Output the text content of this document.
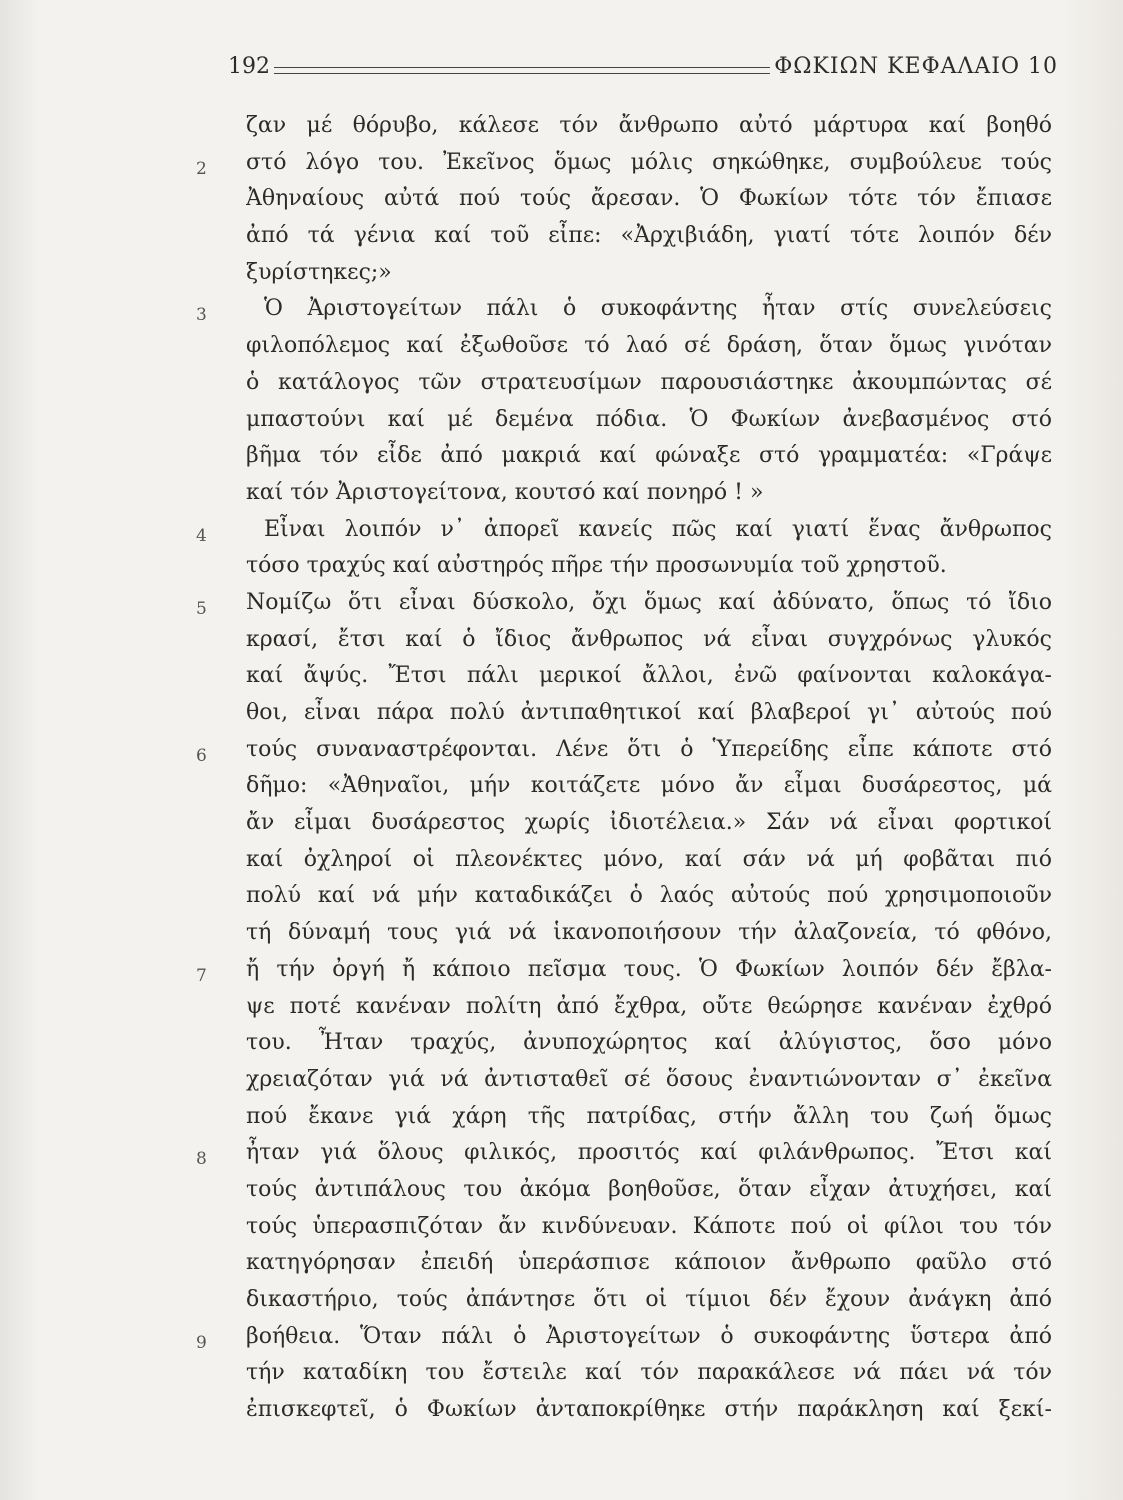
192	ΦΩΚΙΩΝ ΚΕΦΑΛΑΙΟ 10
ζαν μέ θόρυβο, κάλεσε τόν ἄνθρωπο αὐτό μάρτυρα καί βοηθό
2	στό λόγο του. Ἐκεῖνος ὅμως μόλις σηκώθηκε, συμβούλευε τούς
Ἀθηναίους αὐτά πού τούς ἄρεσαν. Ὁ Φωκίων τότε τόν ἔπιασε
ἀπό τά γένια καί τοῦ εἶπε: «Ἀρχιβιάδη, γιατί τότε λοιπόν δέν
ξυρίστηκες;»
3	Ὁ Ἀριστογείτων πάλι ὁ συκοφάντης ἦταν στίς συνελεύσεις
φιλοπόλεμος καί ἐξωθοῦσε τό λαό σέ δράση, ὅταν ὅμως γινόταν
ὁ κατάλογος τῶν στρατευσίμων παρουσιάστηκε ἀκουμπώντας σέ
μπαστούνι καί μέ δεμένα πόδια. Ὁ Φωκίων ἀνεβασμένος στό
βῆμα τόν εἶδε ἀπό μακριά καί φώναξε στό γραμματέα: «Γράψε
καί τόν Ἀριστογείτονα, κουτσό καί πονηρό ! »
4	Εἶναι λοιπόν ν᾽ ἀπορεῖ κανείς πῶς καί γιατί ἕνας ἄνθρωπος
τόσο τραχύς καί αὐστηρός πῆρε τήν προσωνυμία τοῦ χρηστοῦ.
5	Νομίζω ὅτι εἶναι δύσκολο, ὄχι ὅμως καί ἀδύνατο, ὅπως τό ἴδιο
κρασί, ἔτσι καί ὁ ἴδιος ἄνθρωπος νά εἶναι συγχρόνως γλυκός
καί ἄψύς. Ἔτσι πάλι μερικοί ἄλλοι, ἐνῶ φαίνονται καλοκάγα-
θοι, εἶναι πάρα πολύ ἀντιπαθητικοί καί βλαβεροί γι᾽ αὐτούς πού
6	τούς συναναστρέφονται. Λένε ὅτι ὁ Ὑπερείδης εἶπε κάποτε στό
δῆμο: «Ἀθηναῖοι, μήν κοιτάζετε μόνο ἄν εἶμαι δυσάρεστος, μά
ἄν εἶμαι δυσάρεστος χωρίς ἰδιοτέλεια.» Σάν νά εἶναι φορτικοί
καί ὀχληροί οἱ πλεονέκτες μόνο, καί σάν νά μή φοβᾶται πιό
πολύ καί νά μήν καταδικάζει ὁ λαός αὐτούς πού χρησιμοποιοῦν
τή δύναμή τους γιά νά ἱκανοποιήσουν τήν ἀλαζονεία, τό φθόνο,
7	ἤ τήν ὀργή ἤ κάποιο πεῖσμα τους. Ὁ Φωκίων λοιπόν δέν ἔβλα-
ψε ποτέ κανέναν πολίτη ἀπό ἔχθρα, οὔτε θεώρησε κανέναν ἐχθρό
του. Ἦταν τραχύς, ἀνυποχώρητος καί ἀλύγιστος, ὅσο μόνο
χρειαζόταν γιά νά ἀντισταθεῖ σέ ὅσους ἐναντιώνονταν σ᾽ ἐκεῖνα
πού ἔκανε γιά χάρη τῆς πατρίδας, στήν ἄλλη του ζωή ὅμως
8	ἦταν γιά ὅλους φιλικός, προσιτός καί φιλάνθρωπος. Ἔτσι καί
τούς ἀντιπάλους του ἀκόμα βοηθοῦσε, ὅταν εἶχαν ἀτυχήσει, καί
τούς ὑπερασπιζόταν ἄν κινδύνευαν. Κάποτε πού οἱ φίλοι του τόν
κατηγόρησαν ἐπειδή ὑπεράσπισε κάποιον ἄνθρωπο φαῦλο στό
δικαστήριο, τούς ἀπάντησε ὅτι οἱ τίμιοι δέν ἔχουν ἀνάγκη ἀπό
9	βοήθεια. Ὅταν πάλι ὁ Ἀριστογείτων ὁ συκοφάντης ὕστερα ἀπό
τήν καταδίκη του ἔστειλε καί τόν παρακάλεσε νά πάει νά τόν
ἐπισκεφτεῖ, ὁ Φωκίων ἀνταποκρίθηκε στήν παράκληση καί ξεκί-
